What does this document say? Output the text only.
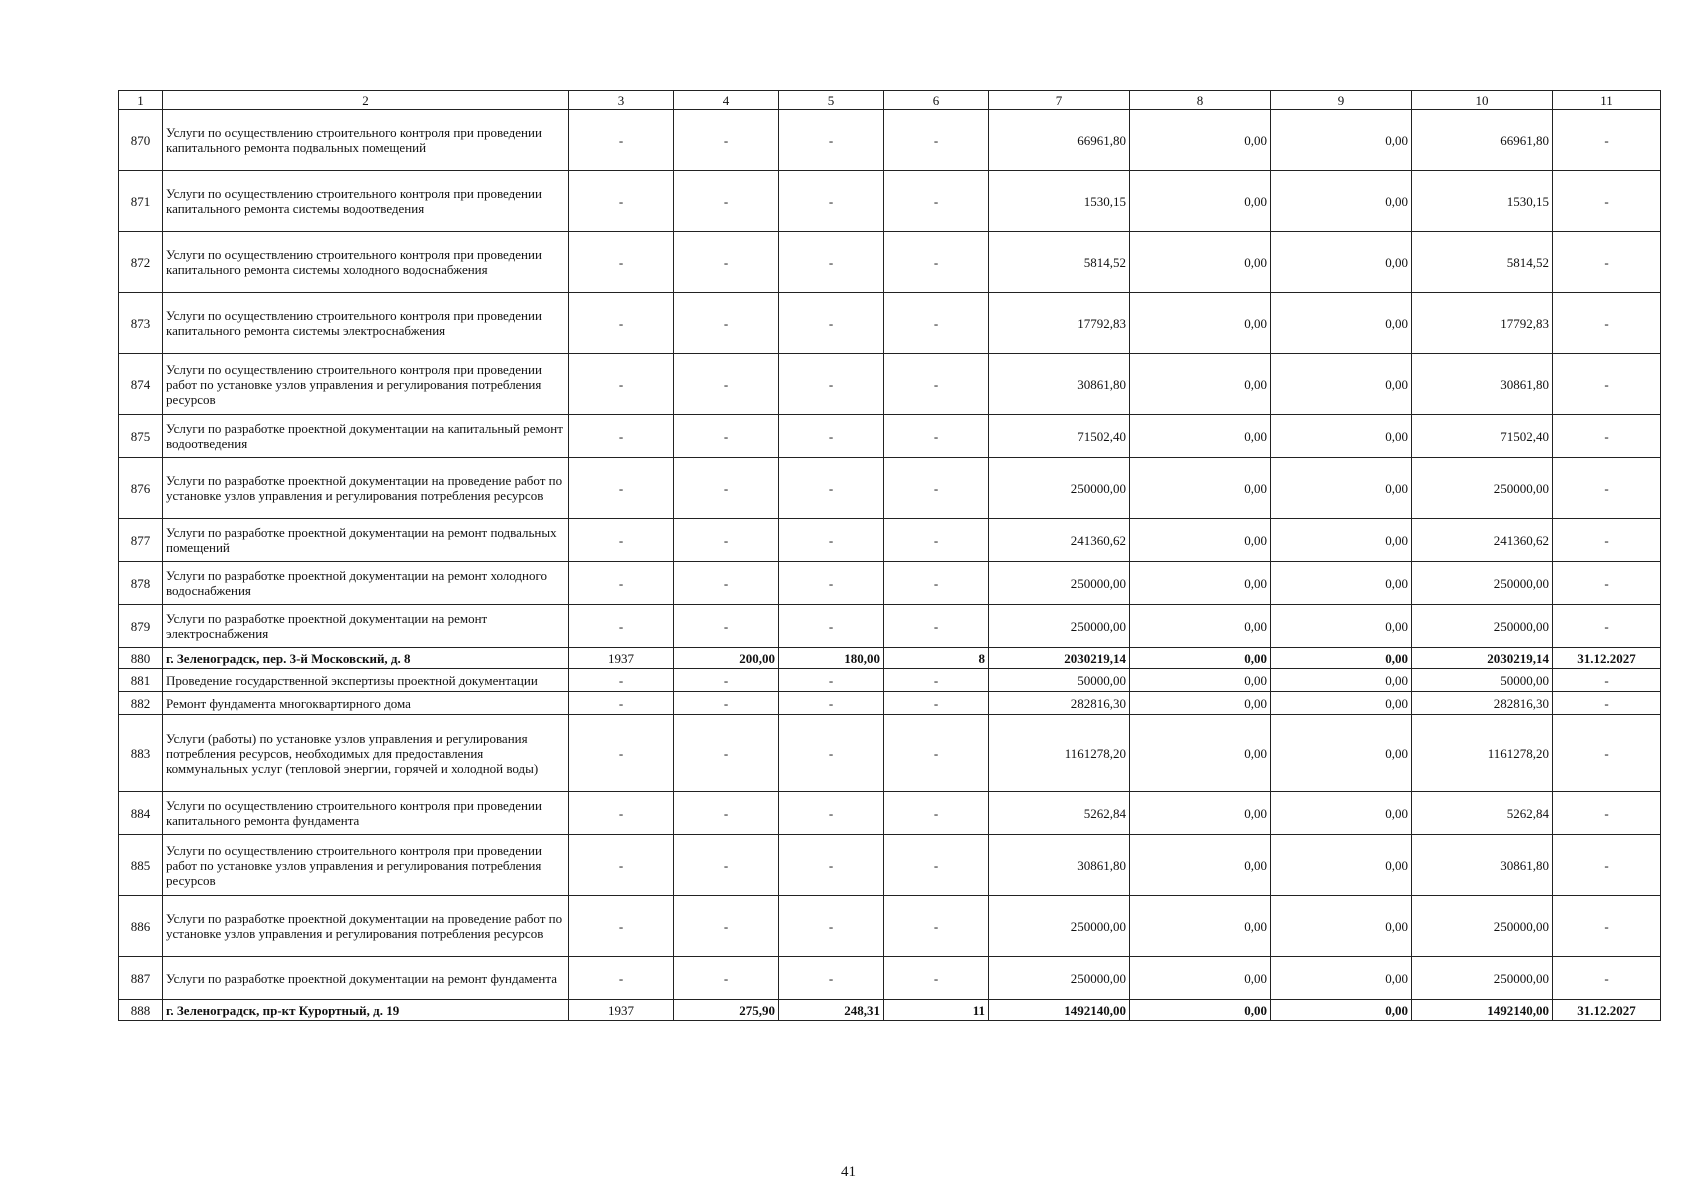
1	2	3	4	5	6	7	8	9	10	11
870	Услуги по осуществлению строительного контроля при проведении капитального ремонта подвальных помещений	-	-	-	-	66961,80	0,00	0,00	66961,80	-
871	Услуги по осуществлению строительного контроля при проведении капитального ремонта системы водоотведения	-	-	-	-	1530,15	0,00	0,00	1530,15	-
872	Услуги по осуществлению строительного контроля при проведении капитального ремонта системы холодного водоснабжения	-	-	-	-	5814,52	0,00	0,00	5814,52	-
873	Услуги по осуществлению строительного контроля при проведении капитального ремонта системы электроснабжения	-	-	-	-	17792,83	0,00	0,00	17792,83	-
874	Услуги по осуществлению строительного контроля при проведении работ по установке узлов управления и регулирования потребления ресурсов	-	-	-	-	30861,80	0,00	0,00	30861,80	-
875	Услуги по разработке проектной документации на капитальный ремонт водоотведения	-	-	-	-	71502,40	0,00	0,00	71502,40	-
876	Услуги по разработке проектной документации на проведение работ по установке узлов управления и регулирования потребления ресурсов	-	-	-	-	250000,00	0,00	0,00	250000,00	-
877	Услуги по разработке проектной документации на ремонт подвальных помещений	-	-	-	-	241360,62	0,00	0,00	241360,62	-
878	Услуги по разработке проектной документации на ремонт холодного водоснабжения	-	-	-	-	250000,00	0,00	0,00	250000,00	-
879	Услуги по разработке проектной документации на ремонт электроснабжения	-	-	-	-	250000,00	0,00	0,00	250000,00	-
880	г. Зеленоградск, пер. 3-й Московский, д. 8	1937	200,00	180,00	8	2030219,14	0,00	0,00	2030219,14	31.12.2027
881	Проведение государственной экспертизы проектной документации	-	-	-	-	50000,00	0,00	0,00	50000,00	-
882	Ремонт фундамента многоквартирного дома	-	-	-	-	282816,30	0,00	0,00	282816,30	-
883	Услуги (работы) по установке узлов управления и регулирования потребления ресурсов, необходимых для предоставления коммунальных услуг (тепловой энергии, горячей и холодной воды)	-	-	-	-	1161278,20	0,00	0,00	1161278,20	-
884	Услуги по осуществлению строительного контроля при проведении капитального ремонта фундамента	-	-	-	-	5262,84	0,00	0,00	5262,84	-
885	Услуги по осуществлению строительного контроля при проведении работ по установке узлов управления и регулирования потребления ресурсов	-	-	-	-	30861,80	0,00	0,00	30861,80	-
886	Услуги по разработке проектной документации на проведение работ по установке узлов управления и регулирования потребления ресурсов	-	-	-	-	250000,00	0,00	0,00	250000,00	-
887	Услуги по разработке проектной документации на ремонт фундамента	-	-	-	-	250000,00	0,00	0,00	250000,00	-
888	г. Зеленоградск, пр-кт Курортный, д. 19	1937	275,90	248,31	11	1492140,00	0,00	0,00	1492140,00	31.12.2027
41
